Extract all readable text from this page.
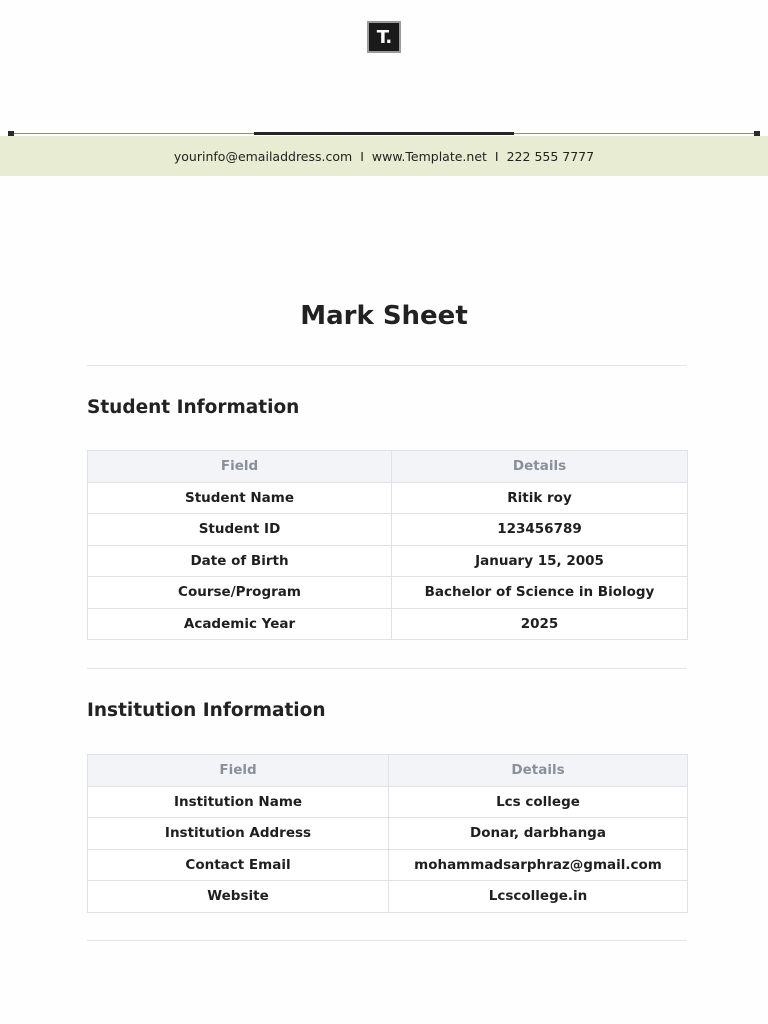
T.
yourinfo@emailaddress.com I www.Template.net I 222 555 7777
Mark Sheet
Student Information
Field	Details
Student Name	Ritik roy
Student ID	123456789
Date of Birth	January 15, 2005
Course/Program	Bachelor of Science in Biology
Academic Year	2025
Institution Information
Field	Details
Institution Name	Lcs college
Institution Address	Donar, darbhanga
Contact Email	mohammadsarphraz@gmail.com
Website	Lcscollege.in
